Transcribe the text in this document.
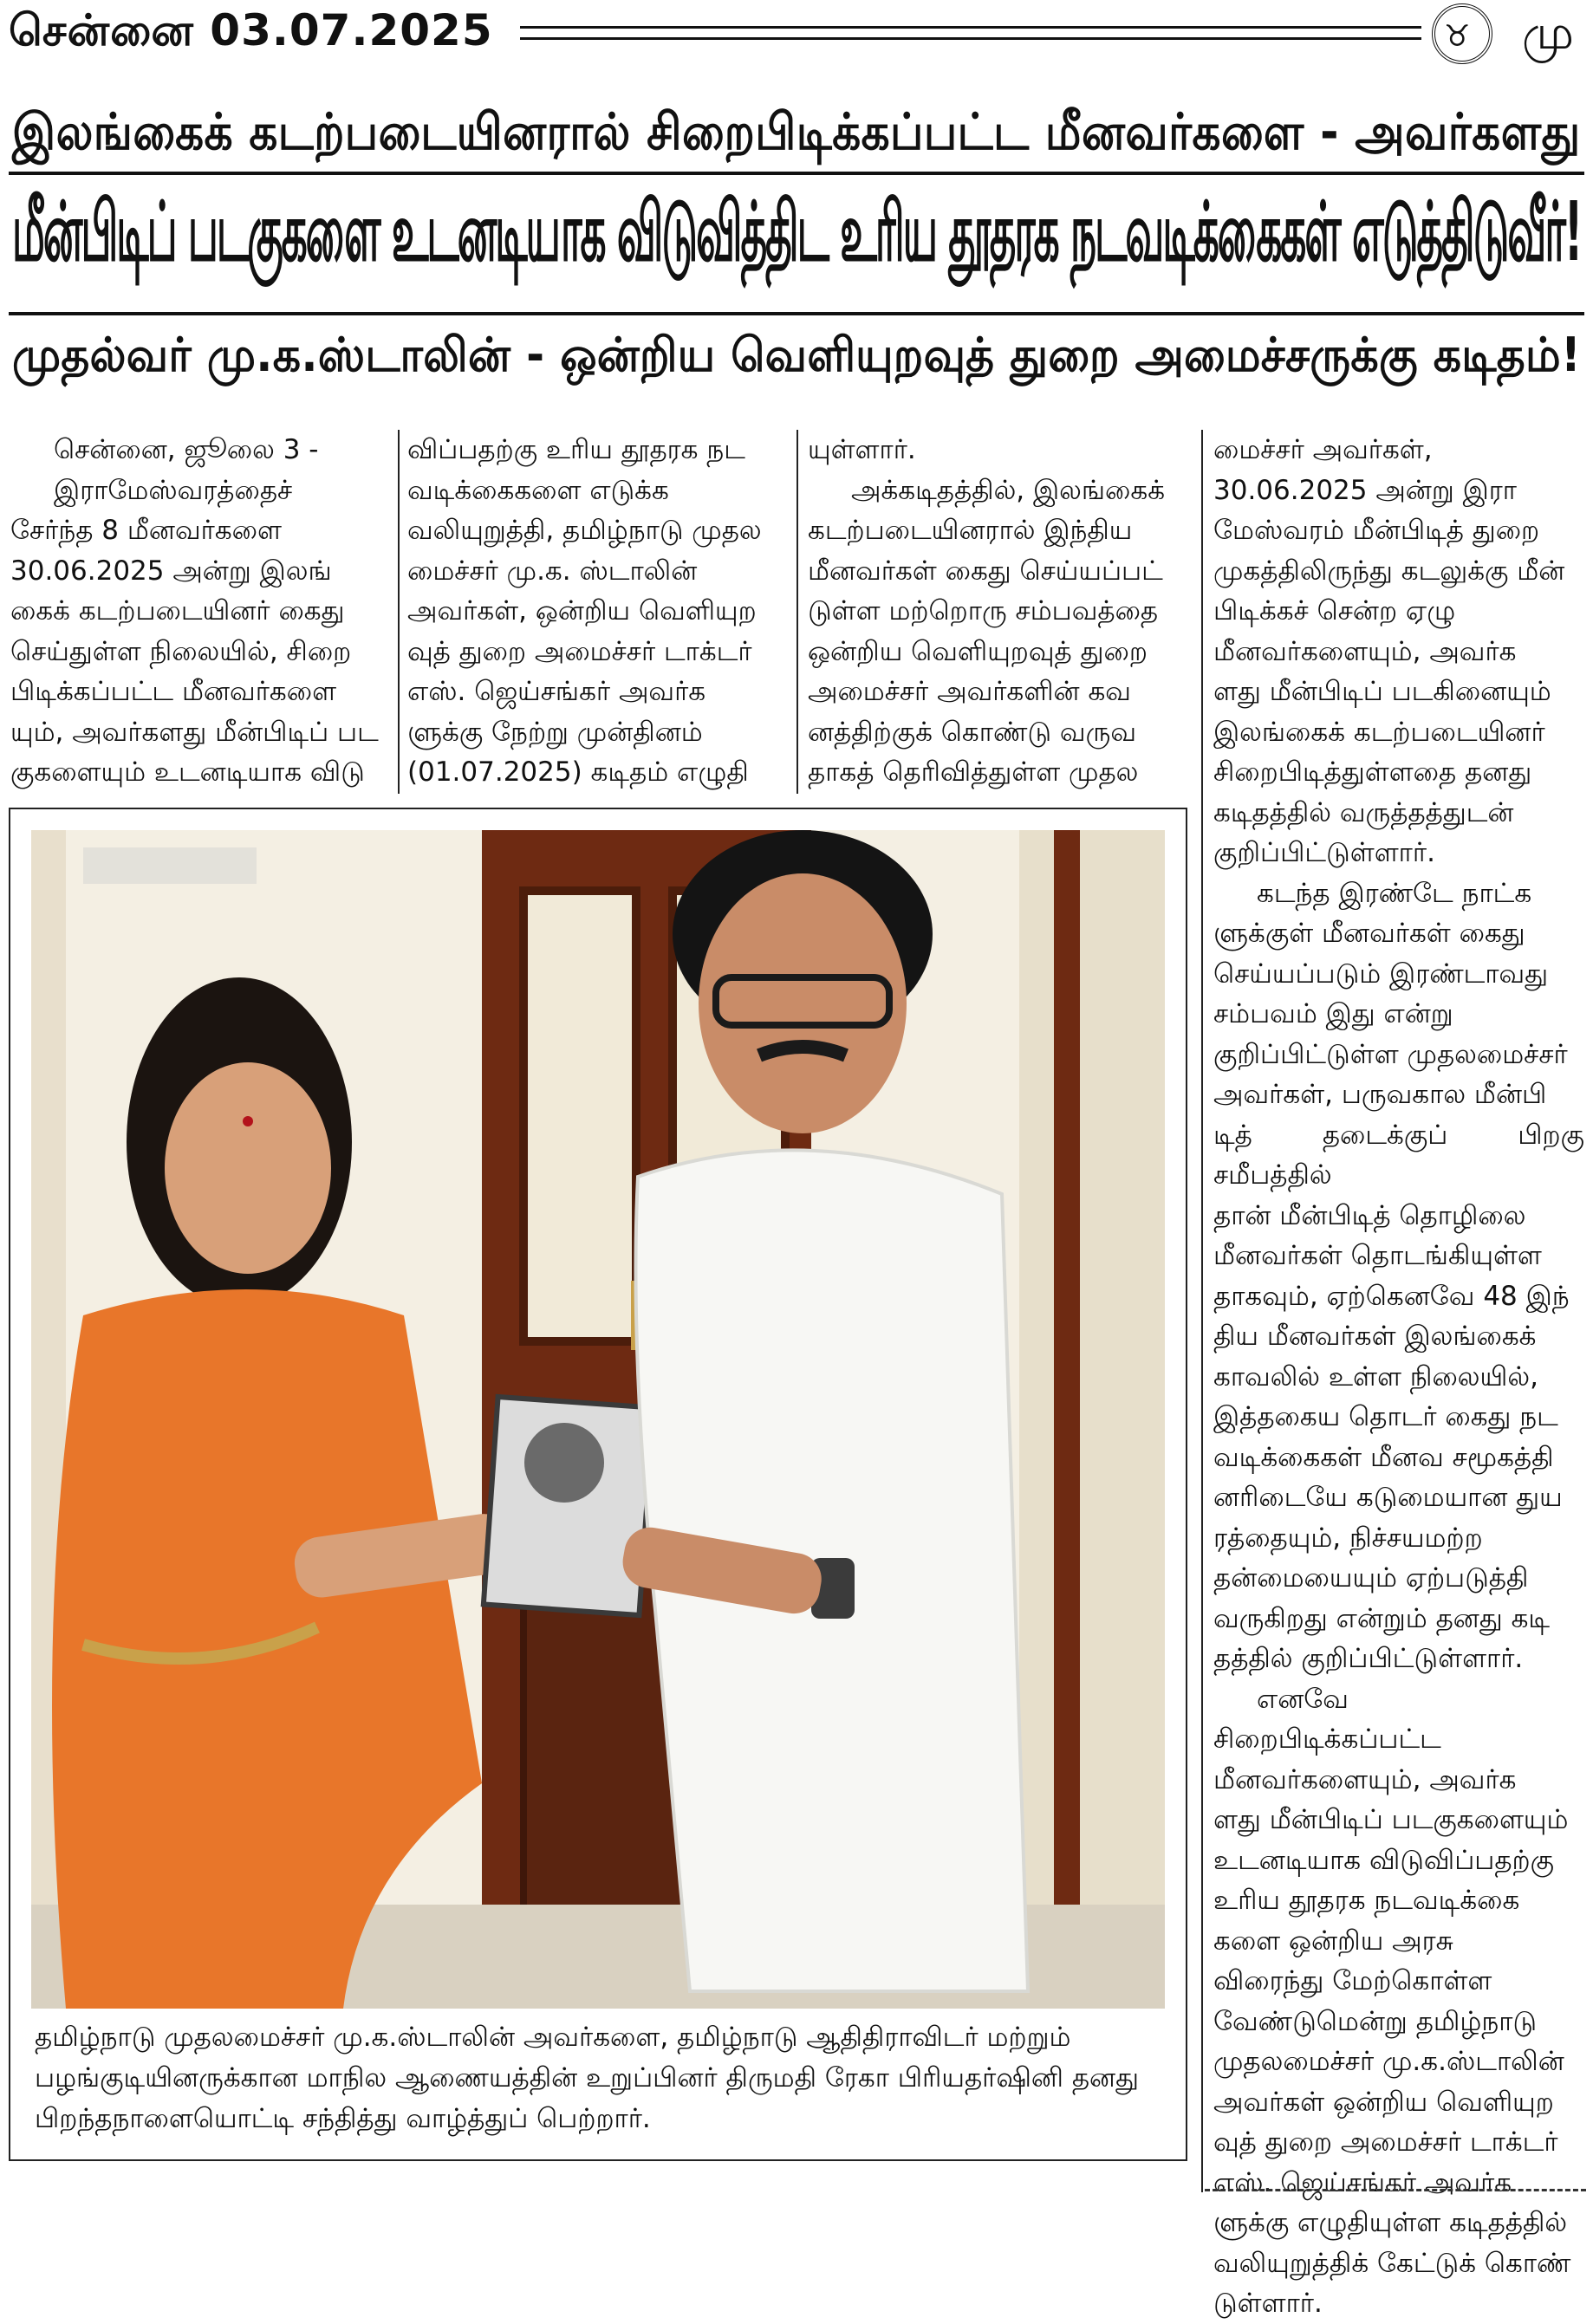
சென்னை 03.07.2025	♉ மு
இலங்கைக் கடற்படையினரால் சிறைபிடிக்கப்பட்ட மீனவர்களை - அவர்களது
மீன்பிடிப் படகுகளை உடனடியாக விடுவித்திட உரிய தூதரக நடவடிக்கைகள் எடுத்திடுவீர்!
முதல்வர் மு.க.ஸ்டாலின் - ஒன்றிய வெளியுறவுத் துறை அமைச்சருக்கு கடிதம்!

சென்னை, ஜூலை 3 -

இராமேஸ்வரத்தைச்
சேர்ந்த 8 மீனவர்களை
30.06.2025 அன்று இலங்
கைக் கடற்படையினர் கைது
செய்துள்ள நிலையில், சிறை
பிடிக்கப்பட்ட மீனவர்களை
யும், அவர்களது மீன்பிடிப் பட
குகளையும் உடனடியாக விடு

விப்பதற்கு உரிய தூதரக நட
வடிக்கைகளை எடுக்க
வலியுறுத்தி, தமிழ்நாடு முதல
மைச்சர் மு.க. ஸ்டாலின்
அவர்கள், ஒன்றிய வெளியுற
வுத் துறை அமைச்சர் டாக்டர்
எஸ். ஜெய்சங்கர் அவர்க
ளுக்கு நேற்று முன்தினம்
(01.07.2025) கடிதம் எழுதி

யுள்ளார்.

அக்கடிதத்தில், இலங்கைக்
கடற்படையினரால் இந்திய
மீனவர்கள் கைது செய்யப்பட்
டுள்ள மற்றொரு சம்பவத்தை
ஒன்றிய வெளியுறவுத் துறை
அமைச்சர் அவர்களின் கவ
னத்திற்குக் கொண்டு வருவ
தாகத் தெரிவித்துள்ள முதல

மைச்சர் அவர்கள்,
30.06.2025 அன்று இரா
மேஸ்வரம் மீன்பிடித் துறை
முகத்திலிருந்து கடலுக்கு மீன்
பிடிக்கச் சென்ற ஏழு
மீனவர்களையும், அவர்க
ளது மீன்பிடிப் படகினையும்
இலங்கைக் கடற்படையினர்
சிறைபிடித்துள்ளதை தனது
கடிதத்தில் வருத்தத்துடன்
குறிப்பிட்டுள்ளார்.

கடந்த இரண்டே நாட்க
ளுக்குள் மீனவர்கள் கைது
செய்யப்படும் இரண்டாவது
சம்பவம் இது என்று
குறிப்பிட்டுள்ள முதலமைச்சர்
அவர்கள், பருவகால மீன்பி
டித் தடைக்குப் பிறகு சமீபத்தில்
தான் மீன்பிடித் தொழிலை
மீனவர்கள் தொடங்கியுள்ள
தாகவும், ஏற்கெனவே 48 இந்
திய மீனவர்கள் இலங்கைக்
காவலில் உள்ள நிலையில்,
இத்தகைய தொடர் கைது நட
வடிக்கைகள் மீனவ சமூகத்தி
னரிடையே கடுமையான துய
ரத்தையும், நிச்சயமற்ற
தன்மையையும் ஏற்படுத்தி
வருகிறது என்றும் தனது கடி
தத்தில் குறிப்பிட்டுள்ளார்.

எனவே சிறைபிடிக்கப்பட்ட
மீனவர்களையும், அவர்க
ளது மீன்பிடிப் படகுகளையும்
உடனடியாக விடுவிப்பதற்கு
உரிய தூதரக நடவடிக்கை
களை ஒன்றிய அரசு
விரைந்து மேற்கொள்ள
வேண்டுமென்று தமிழ்நாடு
முதலமைச்சர் மு.க.ஸ்டாலின்
அவர்கள் ஒன்றிய வெளியுற
வுத் துறை அமைச்சர் டாக்டர்
எஸ். ஜெய்சங்கர் அவர்க
ளுக்கு எழுதியுள்ள கடிதத்தில்
வலியுறுத்திக் கேட்டுக் கொண்
டுள்ளார்.

தமிழ்நாடு முதலமைச்சர் மு.க.ஸ்டாலின் அவர்களை, தமிழ்நாடு ஆதிதிராவிடர் மற்றும்
பழங்குடியினருக்கான மாநில ஆணையத்தின் உறுப்பினர் திருமதி ரேகா பிரியதர்ஷினி தனது
பிறந்தநாளையொட்டி சந்தித்து வாழ்த்துப் பெற்றார்.
